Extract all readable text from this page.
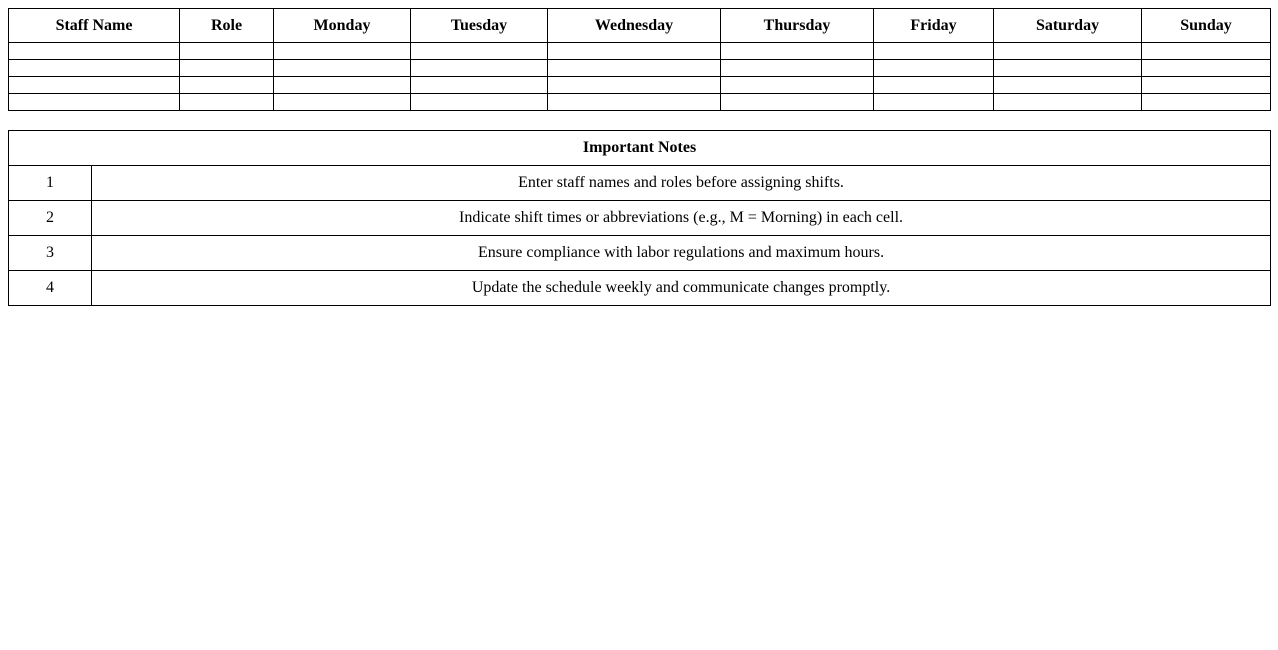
Staff Name	Role	Monday	Tuesday	Wednesday	Thursday	Friday	Saturday	Sunday

Important Notes	
1	Enter staff names and roles before assigning shifts.
2	Indicate shift times or abbreviations (e.g., M = Morning) in each cell.
3	Ensure compliance with labor regulations and maximum hours.
4	Update the schedule weekly and communicate changes promptly.
